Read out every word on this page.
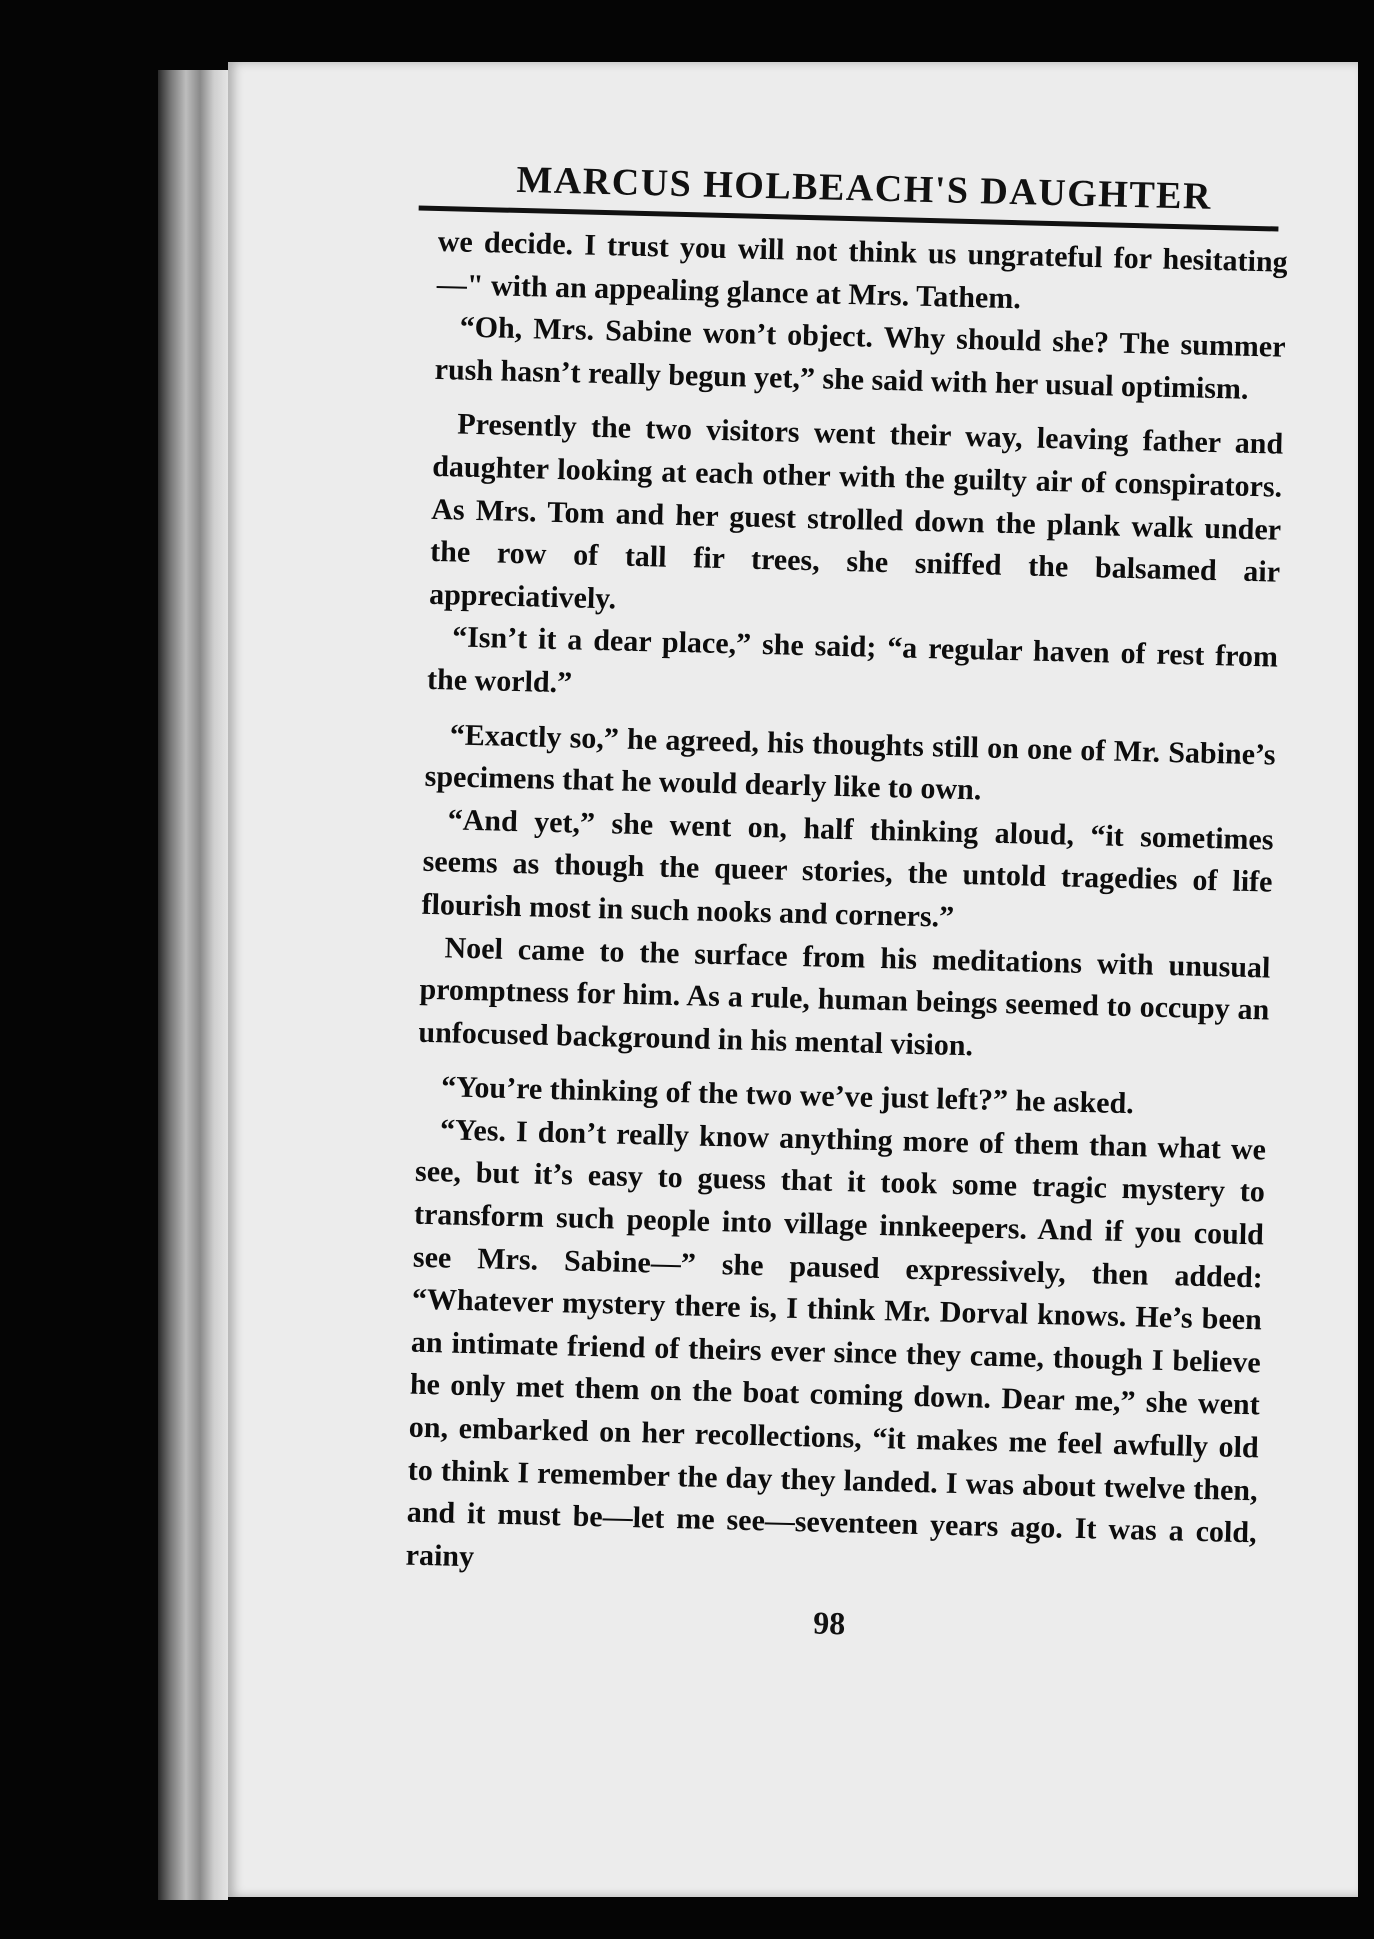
MARCUS HOLBEACH'S DAUGHTER

we decide. I trust you will not think us ungrateful for hesitating—" with an appealing glance at Mrs. Tathem.

“Oh, Mrs. Sabine won’t object. Why should she? The summer rush hasn’t really begun yet,” she said with her usual optimism.

Presently the two visitors went their way, leaving father and daughter looking at each other with the guilty air of conspirators. As Mrs. Tom and her guest strolled down the plank walk under the row of tall fir trees, she sniffed the balsamed air appreciatively.

“Isn’t it a dear place,” she said; “a regular haven of rest from the world.”

“Exactly so,” he agreed, his thoughts still on one of Mr. Sabine’s specimens that he would dearly like to own.

“And yet,” she went on, half thinking aloud, “it sometimes seems as though the queer stories, the untold tragedies of life flourish most in such nooks and corners.”

Noel came to the surface from his meditations with unusual promptness for him. As a rule, human beings seemed to occupy an unfocused background in his mental vision.

“You’re thinking of the two we’ve just left?” he asked.

“Yes. I don’t really know anything more of them than what we see, but it’s easy to guess that it took some tragic mystery to transform such people into village innkeepers. And if you could see Mrs. Sabine—” she paused expressively, then added: “Whatever mystery there is, I think Mr. Dorval knows. He’s been an intimate friend of theirs ever since they came, though I believe he only met them on the boat coming down. Dear me,” she went on, embarked on her recollections, “it makes me feel awfully old to think I remember the day they landed. I was about twelve then, and it must be—let me see—seventeen years ago. It was a cold, rainy

98
